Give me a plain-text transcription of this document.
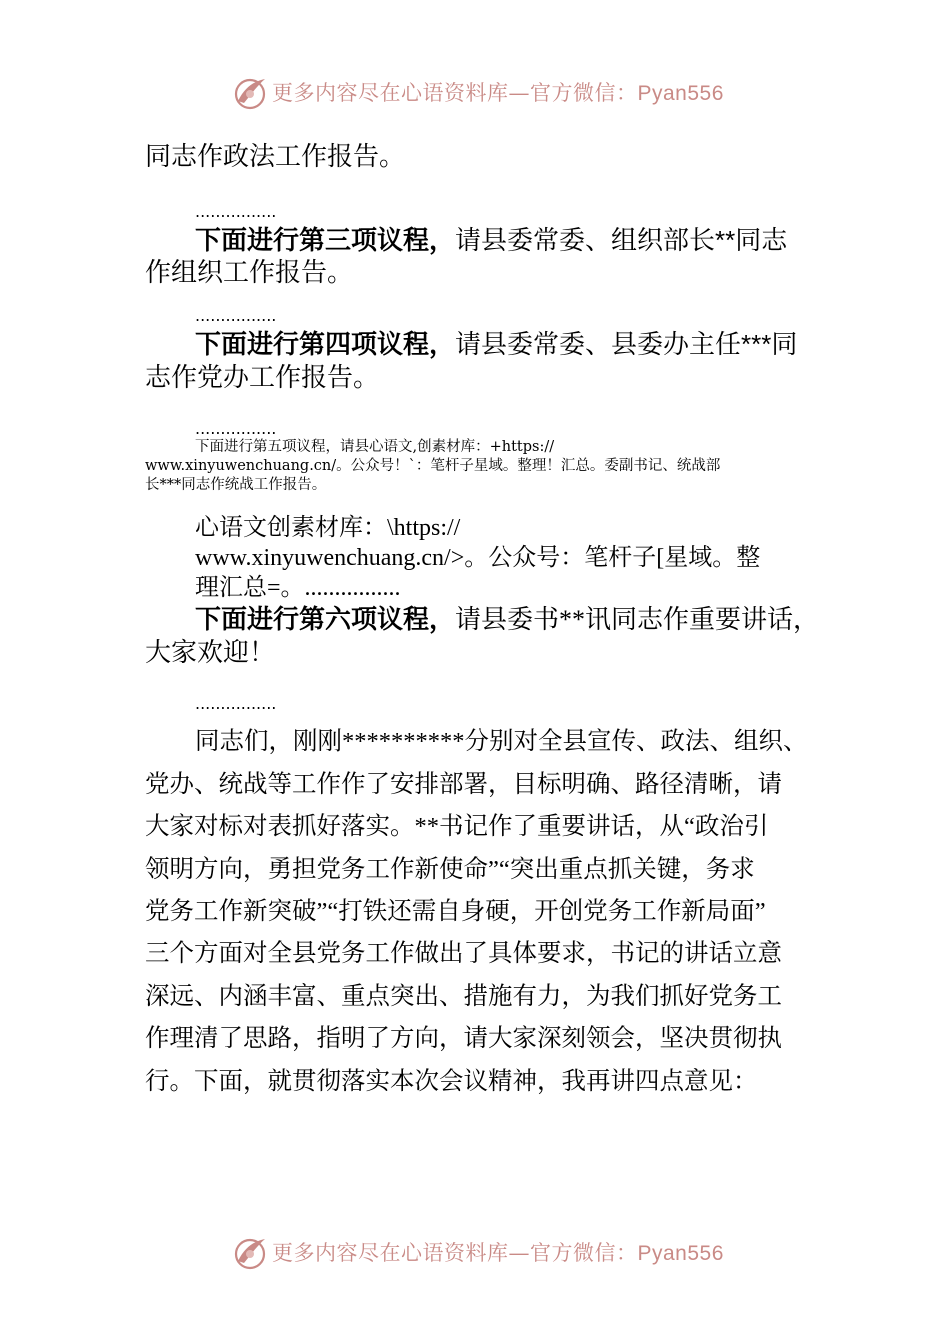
更多内容尽在心语资料库—官方微信：Pyan556
同志作政法工作报告。
................
下面进行第三项议程，请县委常委、组织部长**同志
作组织工作报告。
................
下面进行第四项议程，请县委常委、县委办主任***同
志作党办工作报告。
................
下面进行第五项议程，请县心语文,创素材库：+https://
www.xinyuwenchuang.cn/。公众号！`：笔杆子星域。整理！汇总。委副书记、统战部
长***同志作统战工作报告。
心语文创素材库：\https://
www.xinyuwenchuang.cn/>。公众号：笔杆子[星域。整
理汇总=。................
下面进行第六项议程，请县委书**讯同志作重要讲话，
大家欢迎！
................
同志们，刚刚**********分别对全县宣传、政法、组织、
党办、统战等工作作了安排部署，目标明确、路径清晰，请
大家对标对表抓好落实。**书记作了重要讲话，从“政治引
领明方向，勇担党务工作新使命”“突出重点抓关键，务求
党务工作新突破”“打铁还需自身硬，开创党务工作新局面”
三个方面对全县党务工作做出了具体要求，书记的讲话立意
深远、内涵丰富、重点突出、措施有力，为我们抓好党务工
作理清了思路，指明了方向，请大家深刻领会，坚决贯彻执
行。下面，就贯彻落实本次会议精神，我再讲四点意见：
更多内容尽在心语资料库—官方微信：Pyan556
